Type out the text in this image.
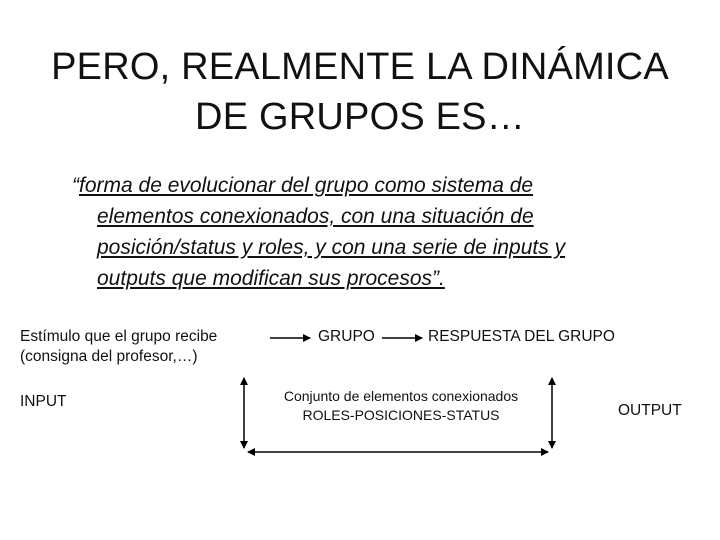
PERO, REALMENTE LA DINÁMICA
DE GRUPOS ES…
“forma de evolucionar del grupo como sistema de
elementos conexionados, con una situación de
posición/status y roles, y con una serie de inputs y
outputs que modifican sus procesos”.
Estímulo que el grupo recibe
(consigna del profesor,…)
GRUPO	RESPUESTA DEL GRUPO
INPUT
OUTPUT
Conjunto de elementos conexionados
ROLES-POSICIONES-STATUS
